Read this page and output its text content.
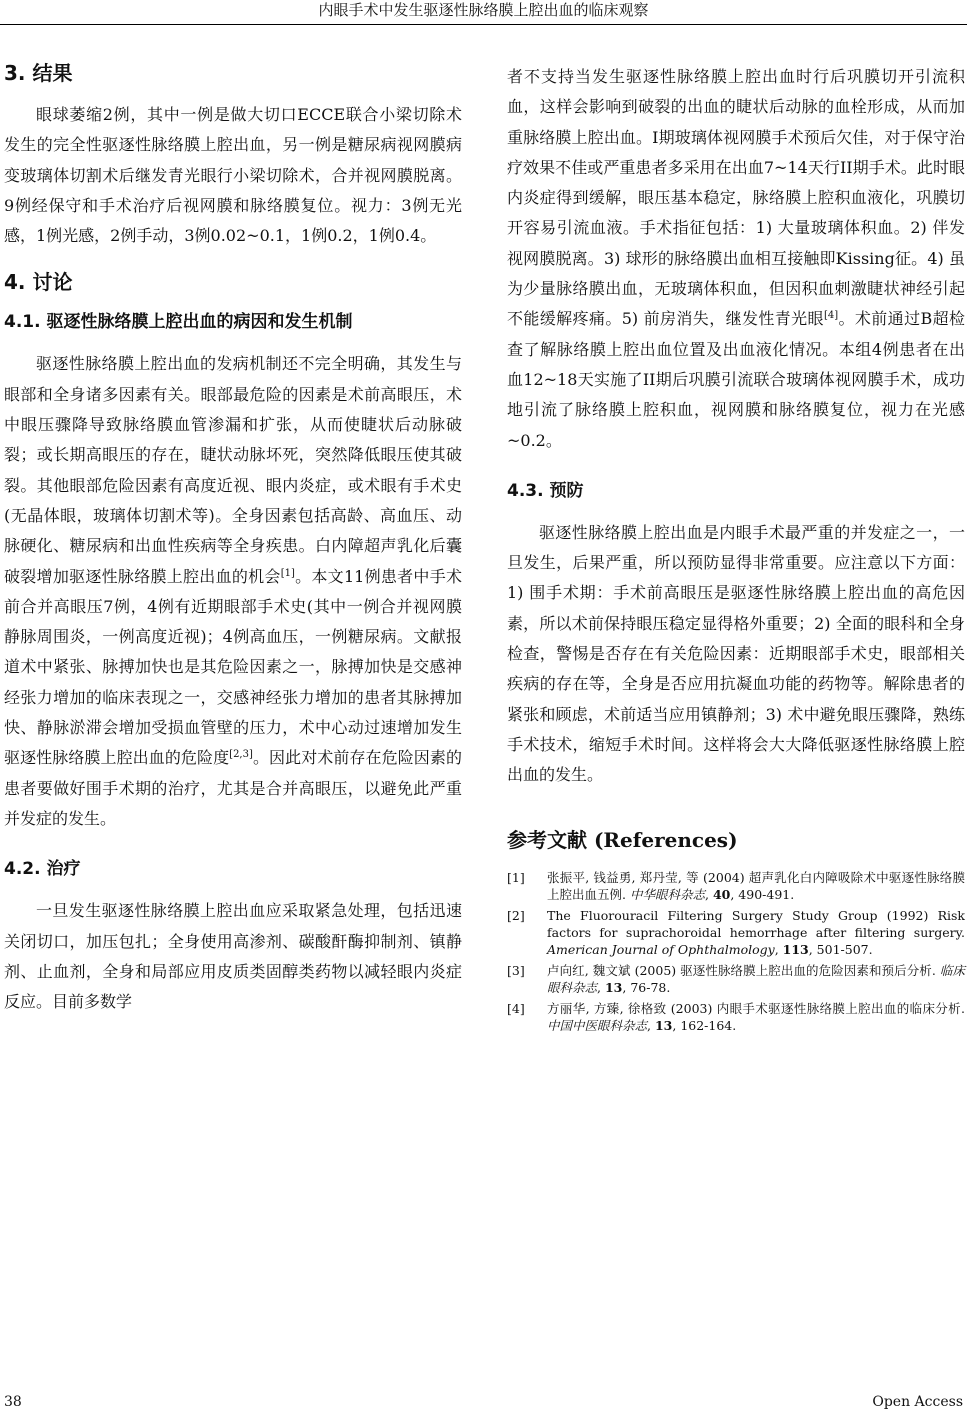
内眼手术中发生驱逐性脉络膜上腔出血的临床观察
3. 结果

眼球萎缩2例，其中一例是做大切口ECCE联合小梁切除术发生的完全性驱逐性脉络膜上腔出血，另一例是糖尿病视网膜病变玻璃体切割术后继发青光眼行小梁切除术，合并视网膜脱离。9例经保守和手术治疗后视网膜和脉络膜复位。视力：3例无光感，1例光感，2例手动，3例0.02~0.1，1例0.2，1例0.4。

4. 讨论
4.1. 驱逐性脉络膜上腔出血的病因和发生机制

驱逐性脉络膜上腔出血的发病机制还不完全明确，其发生与眼部和全身诸多因素有关。眼部最危险的因素是术前高眼压，术中眼压骤降导致脉络膜血管渗漏和扩张，从而使睫状后动脉破裂；或长期高眼压的存在，睫状动脉坏死，突然降低眼压使其破裂。其他眼部危险因素有高度近视、眼内炎症，或术眼有手术史(无晶体眼，玻璃体切割术等)。全身因素包括高龄、高血压、动脉硬化、糖尿病和出血性疾病等全身疾患。白内障超声乳化后囊破裂增加驱逐性脉络膜上腔出血的机会[1]。本文11例患者中手术前合并高眼压7例，4例有近期眼部手术史(其中一例合并视网膜静脉周围炎，一例高度近视)；4例高血压，一例糖尿病。文献报道术中紧张、脉搏加快也是其危险因素之一，脉搏加快是交感神经张力增加的临床表现之一，交感神经张力增加的患者其脉搏加快、静脉淤滞会增加受损血管壁的压力，术中心动过速增加发生驱逐性脉络膜上腔出血的危险度[2,3]。因此对术前存在危险因素的患者要做好围手术期的治疗，尤其是合并高眼压，以避免此严重并发症的发生。

4.2. 治疗

一旦发生驱逐性脉络膜上腔出血应采取紧急处理，包括迅速关闭切口，加压包扎；全身使用高渗剂、碳酸酐酶抑制剂、镇静剂、止血剂，全身和局部应用皮质类固醇类药物以减轻眼内炎症反应。目前多数学

者不支持当发生驱逐性脉络膜上腔出血时行后巩膜切开引流积血，这样会影响到破裂的出血的睫状后动脉的血栓形成，从而加重脉络膜上腔出血。I期玻璃体视网膜手术预后欠佳，对于保守治疗效果不佳或严重患者多采用在出血7~14天行II期手术。此时眼内炎症得到缓解，眼压基本稳定，脉络膜上腔积血液化，巩膜切开容易引流血液。手术指征包括：1) 大量玻璃体积血。2) 伴发视网膜脱离。3) 球形的脉络膜出血相互接触即Kissing征。4) 虽为少量脉络膜出血，无玻璃体积血，但因积血刺激睫状神经引起不能缓解疼痛。5) 前房消失，继发性青光眼[4]。术前通过B超检查了解脉络膜上腔出血位置及出血液化情况。本组4例患者在出血12~18天实施了II期后巩膜引流联合玻璃体视网膜手术，成功地引流了脉络膜上腔积血，视网膜和脉络膜复位，视力在光感~0.2。

4.3. 预防

驱逐性脉络膜上腔出血是内眼手术最严重的并发症之一，一旦发生，后果严重，所以预防显得非常重要。应注意以下方面：1) 围手术期：手术前高眼压是驱逐性脉络膜上腔出血的高危因素，所以术前保持眼压稳定显得格外重要；2) 全面的眼科和全身检查，警惕是否存在有关危险因素：近期眼部手术史，眼部相关疾病的存在等，全身是否应用抗凝血功能的药物等。解除患者的紧张和顾虑，术前适当应用镇静剂；3) 术中避免眼压骤降，熟练手术技术，缩短手术时间。这样将会大大降低驱逐性脉络膜上腔出血的发生。

参考文献 (References)
[1]	张振平, 钱益勇, 郑丹莹, 等 (2004) 超声乳化白内障吸除术中驱逐性脉络膜上腔出血五例. 中华眼科杂志, 40, 490-491.
[2]	The Fluorouracil Filtering Surgery Study Group (1992) Risk factors for suprachoroidal hemorrhage after filtering surgery. American Journal of Ophthalmology, 113, 501-507.
[3]	卢向红, 魏文斌 (2005) 驱逐性脉络膜上腔出血的危险因素和预后分析. 临床眼科杂志, 13, 76-78.
[4]	方丽华, 方臻, 徐格致 (2003) 内眼手术驱逐性脉络膜上腔出血的临床分析. 中国中医眼科杂志, 13, 162-164.
38	Open Access
